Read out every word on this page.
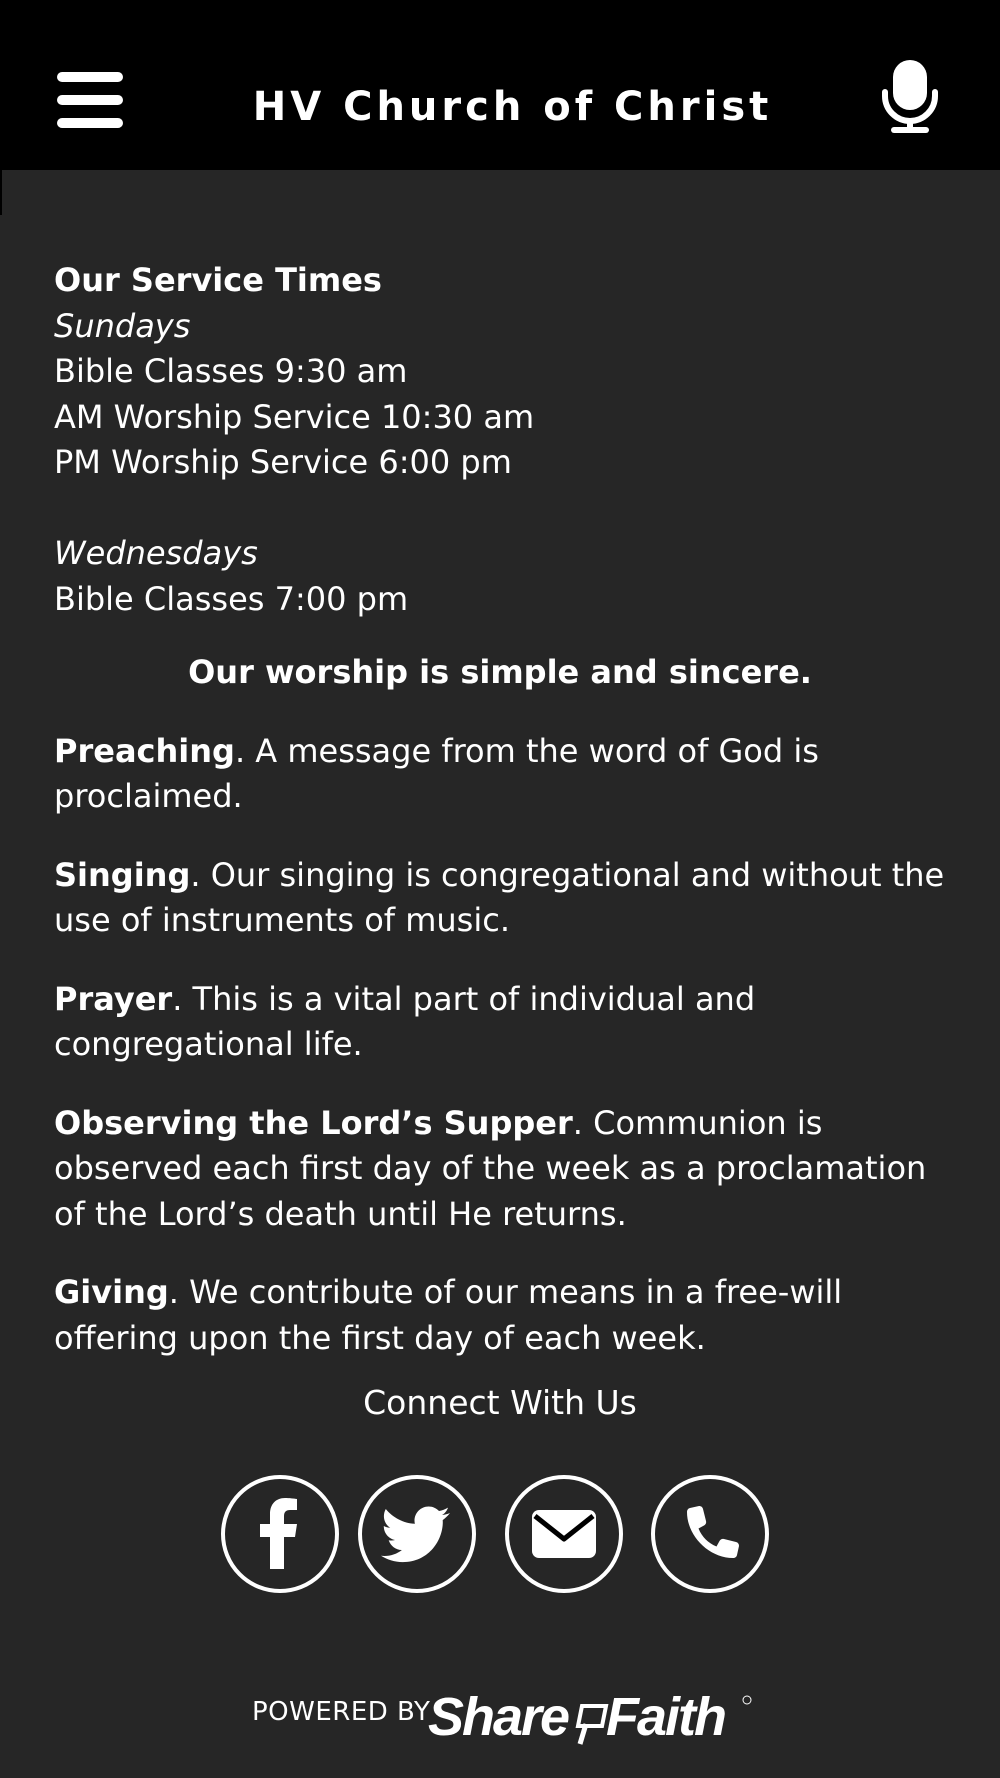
HV Church of Christ

Our Service Times

Sundays

Bible Classes 9:30 am

AM Worship Service 10:30 am

PM Worship Service 6:00 pm

Wednesdays

Bible Classes 7:00 pm

Our worship is simple and sincere.

Preaching. A message from the word of God is proclaimed.

Singing. Our singing is congregational and without the use of instruments of music.

Prayer. This is a vital part of individual and congregational life.

Observing the Lord’s Supper. Communion is observed each first day of the week as a proclamation of the Lord’s death until He returns.

Giving. We contribute of our means in a free-will offering upon the first day of each week.

Connect With Us
POWERED BY
Share Faith
